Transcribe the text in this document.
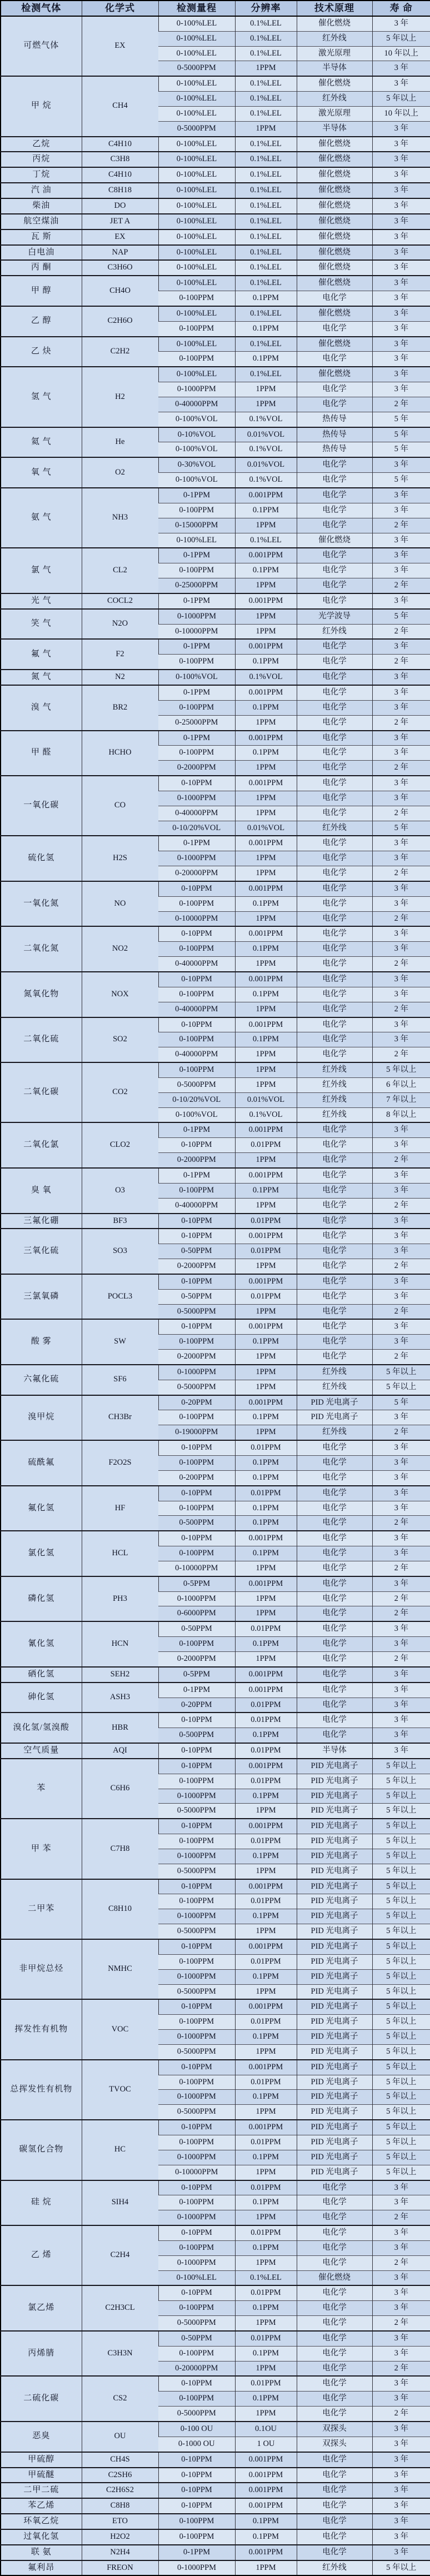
检测气体	化学式	检测量程	分辨率	技术原理	寿 命
可燃气体	EX	0-100%LEL	0.1%LEL	催化燃烧	3 年
		0-100%LEL	0.1%LEL	红外线	5 年以上
		0-100%LEL	0.1%LEL	激光原理	10 年以上
		0-5000PPM	1PPM	半导体	3 年
甲 烷	CH4	0-100%LEL	0.1%LEL	催化燃烧	3 年
		0-100%LEL	0.1%LEL	红外线	5 年以上
		0-100%LEL	0.1%LEL	激光原理	10 年以上
		0-5000PPM	1PPM	半导体	3 年
乙烷	C4H10	0-100%LEL	0.1%LEL	催化燃烧	3 年
丙烷	C3H8	0-100%LEL	0.1%LEL	催化燃烧	3 年
丁烷	C4H10	0-100%LEL	0.1%LEL	催化燃烧	3 年
汽 油	C8H18	0-100%LEL	0.1%LEL	催化燃烧	3 年
柴油	DO	0-100%LEL	0.1%LEL	催化燃烧	3 年
航空煤油	JET A	0-100%LEL	0.1%LEL	催化燃烧	3 年
瓦 斯	EX	0-100%LEL	0.1%LEL	催化燃烧	3 年
白电油	NAP	0-100%LEL	0.1%LEL	催化燃烧	3 年
丙 酮	C3H6O	0-100%LEL	0.1%LEL	催化燃烧	3 年
甲 醇	CH4O	0-100%LEL	0.1%LEL	催化燃烧	3 年
		0-100PPM	0.1PPM	电化学	3 年
乙 醇	C2H6O	0-100%LEL	0.1%LEL	催化燃烧	3 年
		0-100PPM	0.1PPM	电化学	3 年
乙 炔	C2H2	0-100%LEL	0.1%LEL	催化燃烧	3 年
		0-100PPM	0.1PPM	电化学	3 年
氢 气	H2	0-100%LEL	0.1%LEL	催化燃烧	3 年
		0-1000PPM	1PPM	电化学	3 年
		0-40000PPM	1PPM	电化学	2 年
		0-100%VOL	0.1%VOL	热传导	5 年
氦 气	He	0-10%VOL	0.01%VOL	热传导	5 年
		0-100%VOL	0.1%VOL	热传导	5 年
氧 气	O2	0-30%VOL	0.01%VOL	电化学	3 年
		0-100%VOL	0.1%VOL	电化学	5 年
氨 气	NH3	0-1PPM	0.001PPM	电化学	3 年
		0-100PPM	0.1PPM	电化学	3 年
		0-15000PPM	1PPM	电化学	2 年
		0-100%LEL	0.1%LEL	催化燃烧	3 年
氯 气	CL2	0-1PPM	0.001PPM	电化学	3 年
		0-100PPM	0.1PPM	电化学	3 年
		0-25000PPM	1PPM	电化学	2 年
光 气	COCL2	0-1PPM	0.001PPM	电化学	3 年
笑 气	N2O	0-1000PPM	1PPM	光学波导	5 年
		0-10000PPM	1PPM	红外线	2 年
氟 气	F2	0-1PPM	0.001PPM	电化学	3 年
		0-100PPM	0.1PPM	电化学	2 年
氮 气	N2	0-100%VOL	0.1%VOL	电化学	3 年
溴 气	BR2	0-1PPM	0.001PPM	电化学	3 年
		0-100PPM	0.1PPM	电化学	3 年
		0-25000PPM	1PPM	电化学	2 年
甲 醛	HCHO	0-1PPM	0.001PPM	电化学	3 年
		0-100PPM	0.1PPM	电化学	3 年
		0-2000PPM	1PPM	电化学	2 年
一氧化碳	CO	0-10PPM	0.001PPM	电化学	3 年
		0-1000PPM	1PPM	电化学	3 年
		0-40000PPM	1PPM	电化学	2 年
		0-10/20%VOL	0.01%VOL	红外线	5 年
硫化氢	H2S	0-1PPM	0.001PPM	电化学	3 年
		0-1000PPM	1PPM	电化学	3 年
		0-20000PPM	1PPM	电化学	2 年
一氧化氮	NO	0-10PPM	0.001PPM	电化学	3 年
		0-100PPM	0.1PPM	电化学	3 年
		0-10000PPM	1PPM	电化学	2 年
二氧化氮	NO2	0-10PPM	0.001PPM	电化学	3 年
		0-100PPM	0.1PPM	电化学	3 年
		0-40000PPM	1PPM	电化学	2 年
氮氧化物	NOX	0-10PPM	0.001PPM	电化学	3 年
		0-100PPM	0.1PPM	电化学	3 年
		0-40000PPM	1PPM	电化学	2 年
二氧化硫	SO2	0-10PPM	0.001PPM	电化学	3 年
		0-100PPM	0.1PPM	电化学	3 年
		0-40000PPM	1PPM	电化学	2 年
二氧化碳	CO2	0-100PPM	1PPM	红外线	5 年以上
		0-5000PPM	1PPM	红外线	6 年以上
		0-10/20%VOL	0.01%VOL	红外线	7 年以上
		0-100%VOL	0.1%VOL	红外线	8 年以上
二氧化氯	CLO2	0-1PPM	0.001PPM	电化学	3 年
		0-10PPM	0.01PPM	电化学	3 年
		0-2000PPM	1PPM	电化学	2 年
臭 氧	O3	0-1PPM	0.001PPM	电化学	3 年
		0-100PPM	0.1PPM	电化学	3 年
		0-40000PPM	1PPM	电化学	2 年
三氟化硼	BF3	0-10PPM	0.01PPM	电化学	3 年
三氧化硫	SO3	0-10PPM	0.001PPM	电化学	3 年
		0-50PPM	0.01PPM	电化学	3 年
		0-2000PPM	1PPM	电化学	2 年
三氯氧磷	POCL3	0-10PPM	0.001PPM	电化学	3 年
		0-50PPM	0.01PPM	电化学	3 年
		0-5000PPM	1PPM	电化学	2 年
酸 雾	SW	0-10PPM	0.001PPM	电化学	3 年
		0-100PPM	0.1PPM	电化学	3 年
		0-2000PPM	1PPM	电化学	2 年
六氟化硫	SF6	0-1000PPM	1PPM	红外线	5 年以上
		0-5000PPM	1PPM	红外线	5 年以上
溴甲烷	CH3Br	0-20PPM	0.001PPM	PID 光电离子	5 年
		0-100PPM	0.1PPM	PID 光电离子	3 年
		0-19000PPM	1PPM	红外线	2 年
硫酰氟	F2O2S	0-10PPM	0.01PPM	电化学	3 年
		0-100PPM	0.1PPM	电化学	3 年
		0-200PPM	0.1PPM	电化学	3 年
氟化氢	HF	0-10PPM	0.01PPM	电化学	3 年
		0-100PPM	0.1PPM	电化学	3 年
		0-500PPM	0.1PPM	电化学	2 年
氯化氢	HCL	0-10PPM	0.001PPM	电化学	3 年
		0-100PPM	0.1PPM	电化学	3 年
		0-10000PPM	1PPM	电化学	2 年
磷化氢	PH3	0-5PPM	0.001PPM	电化学	3 年
		0-1000PPM	1PPM	电化学	2 年
		0-6000PPM	1PPM	电化学	2 年
氰化氢	HCN	0-50PPM	0.01PPM	电化学	3 年
		0-100PPM	0.1PPM	电化学	3 年
		0-2000PPM	1PPM	电化学	2 年
硒化氢	SEH2	0-5PPM	0.001PPM	电化学	3 年
砷化氢	ASH3	0-1PPM	0.001PPM	电化学	3 年
		0-20PPM	0.01PPM	电化学	3 年
溴化氢/氢溴酸	HBR	0-10PPM	0.01PPM	电化学	3 年
		0-500PPM	0.1PPM	电化学	3 年
空气质量	AQI	0-10PPM	0.01PPM	半导体	3 年
苯	C6H6	0-10PPM	0.001PPM	PID 光电离子	5 年以上
		0-100PPM	0.01PPM	PID 光电离子	5 年以上
		0-1000PPM	0.1PPM	PID 光电离子	5 年以上
		0-5000PPM	1PPM	PID 光电离子	5 年以上
甲 苯	C7H8	0-10PPM	0.001PPM	PID 光电离子	5 年以上
		0-100PPM	0.01PPM	PID 光电离子	5 年以上
		0-1000PPM	0.1PPM	PID 光电离子	5 年以上
		0-5000PPM	1PPM	PID 光电离子	5 年以上
二甲苯	C8H10	0-10PPM	0.001PPM	PID 光电离子	5 年以上
		0-100PPM	0.01PPM	PID 光电离子	5 年以上
		0-1000PPM	0.1PPM	PID 光电离子	5 年以上
		0-5000PPM	1PPM	PID 光电离子	5 年以上
非甲烷总烃	NMHC	0-10PPM	0.001PPM	PID 光电离子	5 年以上
		0-100PPM	0.01PPM	PID 光电离子	5 年以上
		0-1000PPM	0.1PPM	PID 光电离子	5 年以上
		0-5000PPM	1PPM	PID 光电离子	5 年以上
挥发性有机物	VOC	0-10PPM	0.001PPM	PID 光电离子	5 年以上
		0-100PPM	0.01PPM	PID 光电离子	5 年以上
		0-1000PPM	0.1PPM	PID 光电离子	5 年以上
		0-5000PPM	1PPM	PID 光电离子	5 年以上
总挥发性有机物	TVOC	0-10PPM	0.001PPM	PID 光电离子	5 年以上
		0-100PPM	0.01PPM	PID 光电离子	5 年以上
		0-1000PPM	0.1PPM	PID 光电离子	5 年以上
		0-5000PPM	1PPM	PID 光电离子	5 年以上
碳氢化合物	HC	0-10PPM	0.001PPM	PID 光电离子	5 年以上
		0-100PPM	0.01PPM	PID 光电离子	5 年以上
		0-1000PPM	0.1PPM	PID 光电离子	5 年以上
		0-10000PPM	1PPM	PID 光电离子	5 年以上
硅 烷	SIH4	0-10PPM	0.01PPM	电化学	3 年
		0-100PPM	0.1PPM	电化学	3 年
		0-1000PPM	1PPM	电化学	2 年
乙 烯	C2H4	0-10PPM	0.01PPM	电化学	3 年
		0-100PPM	0.1PPM	电化学	3 年
		0-1000PPM	1PPM	电化学	2 年
		0-100%LEL	0.1%LEL	催化燃烧	3 年
氯乙烯	C2H3CL	0-10PPM	0.01PPM	电化学	3 年
		0-100PPM	0.1PPM	电化学	3 年
		0-5000PPM	1PPM	电化学	2 年
丙烯腈	C3H3N	0-50PPM	0.01PPM	电化学	3 年
		0-100PPM	0.1PPM	电化学	3 年
		0-20000PPM	1PPM	电化学	2 年
二硫化碳	CS2	0-10PPM	0.01PPM	电化学	3 年
		0-100PPM	0.1PPM	电化学	3 年
		0-5000PPM	1PPM	电化学	2 年
恶臭	OU	0-100 OU	0.1OU	双探头	3 年
		0-1000 OU	1 OU	双探头	3 年
甲硫醇	CH4S	0-10PPM	0.001PPM	电化学	3 年
甲硫醚	C2SH6	0-10PPM	0.001PPM	电化学	3 年
二甲二硫	C2H6S2	0-10PPM	0.001PPM	电化学	3 年
苯乙烯	C8H8	0-10PPM	0.001PPM	电化学	3 年
环氧乙烷	ETO	0-100PPM	0.1PPM	电化学	3 年
过氧化氢	H2O2	0-100PPM	0.1PPM	电化学	3 年
联 氨	N2H4	0-1PPM	0.001PPM	电化学	3 年
氟利昂	FREON	0-1000PPM	1PPM	红外线	5 年以上
